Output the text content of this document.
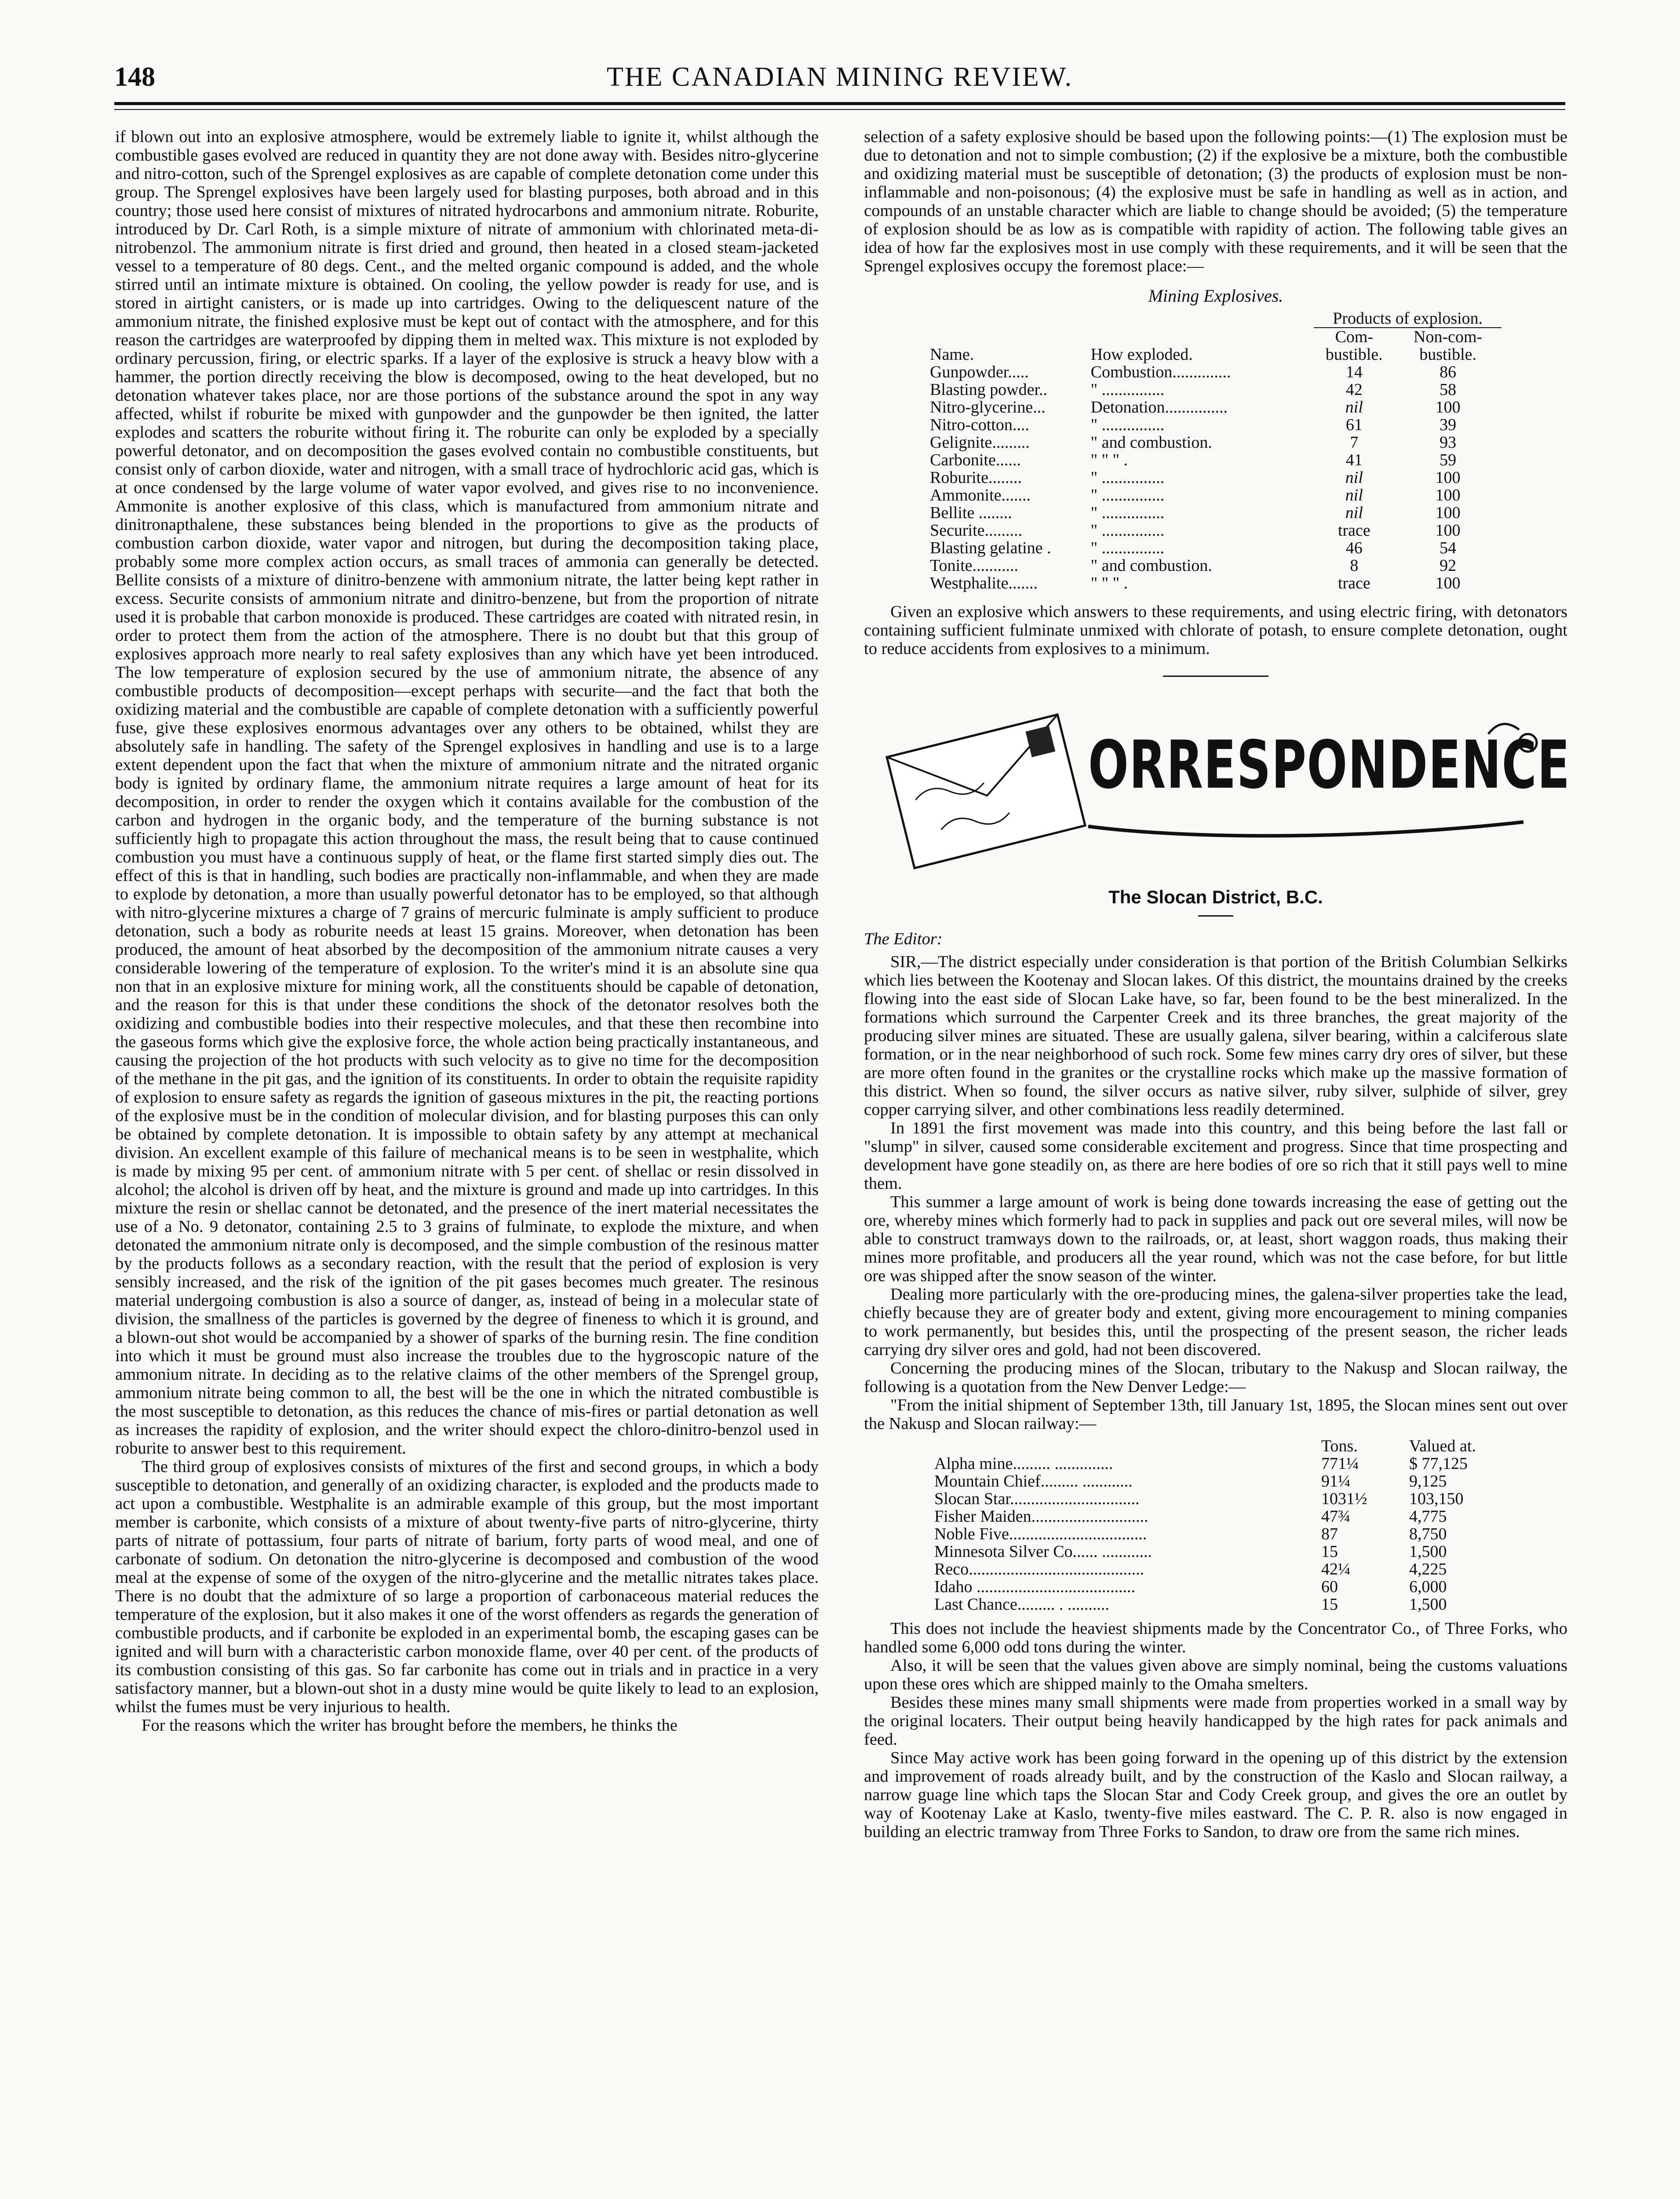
148	THE CANADIAN MINING REVIEW.

if blown out into an explosive atmosphere, would be extremely liable to ignite it, whilst although the combustible gases evolved are reduced in quantity they are not done away with. Besides nitro-glycerine and nitro-cotton, such of the Sprengel explosives as are capable of complete detonation come under this group. The Sprengel explosives have been largely used for blasting purposes, both abroad and in this country; those used here consist of mixtures of nitrated hydrocarbons and ammonium nitrate. Roburite, introduced by Dr. Carl Roth, is a simple mixture of nitrate of ammonium with chlorinated meta-di-nitrobenzol. The ammonium nitrate is first dried and ground, then heated in a closed steam-jacketed vessel to a temperature of 80 degs. Cent., and the melted organic compound is added, and the whole stirred until an intimate mixture is obtained. On cooling, the yellow powder is ready for use, and is stored in airtight canisters, or is made up into cartridges. Owing to the deliquescent nature of the ammonium nitrate, the finished explosive must be kept out of contact with the atmosphere, and for this reason the cartridges are waterproofed by dipping them in melted wax. This mixture is not exploded by ordinary percussion, firing, or electric sparks. If a layer of the explosive is struck a heavy blow with a hammer, the portion directly receiving the blow is decomposed, owing to the heat developed, but no detonation whatever takes place, nor are those portions of the substance around the spot in any way affected, whilst if roburite be mixed with gunpowder and the gunpowder be then ignited, the latter explodes and scatters the roburite without firing it. The roburite can only be exploded by a specially powerful detonator, and on decomposition the gases evolved contain no combustible constituents, but consist only of carbon dioxide, water and nitrogen, with a small trace of hydrochloric acid gas, which is at once condensed by the large volume of water vapor evolved, and gives rise to no inconvenience. Ammonite is another explosive of this class, which is manufactured from ammonium nitrate and dinitronapthalene, these substances being blended in the proportions to give as the products of combustion carbon dioxide, water vapor and nitrogen, but during the decomposition taking place, probably some more complex action occurs, as small traces of ammonia can generally be detected. Bellite consists of a mixture of dinitro-benzene with ammonium nitrate, the latter being kept rather in excess. Securite consists of ammonium nitrate and dinitro-benzene, but from the proportion of nitrate used it is probable that carbon monoxide is produced. These cartridges are coated with nitrated resin, in order to protect them from the action of the atmosphere. There is no doubt but that this group of explosives approach more nearly to real safety explosives than any which have yet been introduced. The low temperature of explosion secured by the use of ammonium nitrate, the absence of any combustible products of decomposition—except perhaps with securite—and the fact that both the oxidizing material and the combustible are capable of complete detonation with a sufficiently powerful fuse, give these explosives enormous advantages over any others to be obtained, whilst they are absolutely safe in handling. The safety of the Sprengel explosives in handling and use is to a large extent dependent upon the fact that when the mixture of ammonium nitrate and the nitrated organic body is ignited by ordinary flame, the ammonium nitrate requires a large amount of heat for its decomposition, in order to render the oxygen which it contains available for the combustion of the carbon and hydrogen in the organic body, and the temperature of the burning substance is not sufficiently high to propagate this action throughout the mass, the result being that to cause continued combustion you must have a continuous supply of heat, or the flame first started simply dies out. The effect of this is that in handling, such bodies are practically non-inflammable, and when they are made to explode by detonation, a more than usually powerful detonator has to be employed, so that although with nitro-glycerine mixtures a charge of 7 grains of mercuric fulminate is amply sufficient to produce detonation, such a body as roburite needs at least 15 grains. Moreover, when detonation has been produced, the amount of heat absorbed by the decomposition of the ammonium nitrate causes a very considerable lowering of the temperature of explosion. To the writer's mind it is an absolute sine qua non that in an explosive mixture for mining work, all the constituents should be capable of detonation, and the reason for this is that under these conditions the shock of the detonator resolves both the oxidizing and combustible bodies into their respective molecules, and that these then recombine into the gaseous forms which give the explosive force, the whole action being practically instantaneous, and causing the projection of the hot products with such velocity as to give no time for the decomposition of the methane in the pit gas, and the ignition of its constituents. In order to obtain the requisite rapidity of explosion to ensure safety as regards the ignition of gaseous mixtures in the pit, the reacting portions of the explosive must be in the condition of molecular division, and for blasting purposes this can only be obtained by complete detonation. It is impossible to obtain safety by any attempt at mechanical division. An excellent example of this failure of mechanical means is to be seen in westphalite, which is made by mixing 95 per cent. of ammonium nitrate with 5 per cent. of shellac or resin dissolved in alcohol; the alcohol is driven off by heat, and the mixture is ground and made up into cartridges. In this mixture the resin or shellac cannot be detonated, and the presence of the inert material necessitates the use of a No. 9 detonator, containing 2.5 to 3 grains of fulminate, to explode the mixture, and when detonated the ammonium nitrate only is decomposed, and the simple combustion of the resinous matter by the products follows as a secondary reaction, with the result that the period of explosion is very sensibly increased, and the risk of the ignition of the pit gases becomes much greater. The resinous material undergoing combustion is also a source of danger, as, instead of being in a molecular state of division, the smallness of the particles is governed by the degree of fineness to which it is ground, and a blown-out shot would be accompanied by a shower of sparks of the burning resin. The fine condition into which it must be ground must also increase the troubles due to the hygroscopic nature of the ammonium nitrate. In deciding as to the relative claims of the other members of the Sprengel group, ammonium nitrate being common to all, the best will be the one in which the nitrated combustible is the most susceptible to detonation, as this reduces the chance of mis-fires or partial detonation as well as increases the rapidity of explosion, and the writer should expect the chloro-dinitro-benzol used in roburite to answer best to this requirement.

The third group of explosives consists of mixtures of the first and second groups, in which a body susceptible to detonation, and generally of an oxidizing character, is exploded and the products made to act upon a combustible. Westphalite is an admirable example of this group, but the most important member is carbonite, which consists of a mixture of about twenty-five parts of nitro-glycerine, thirty parts of nitrate of pottassium, four parts of nitrate of barium, forty parts of wood meal, and one of carbonate of sodium. On detonation the nitro-glycerine is decomposed and combustion of the wood meal at the expense of some of the oxygen of the nitro-glycerine and the metallic nitrates takes place. There is no doubt that the admixture of so large a proportion of carbonaceous material reduces the temperature of the explosion, but it also makes it one of the worst offenders as regards the generation of combustible products, and if carbonite be exploded in an experimental bomb, the escaping gases can be ignited and will burn with a characteristic carbon monoxide flame, over 40 per cent. of the products of its combustion consisting of this gas. So far carbonite has come out in trials and in practice in a very satisfactory manner, but a blown-out shot in a dusty mine would be quite likely to lead to an explosion, whilst the fumes must be very injurious to health.

For the reasons which the writer has brought before the members, he thinks the

selection of a safety explosive should be based upon the following points:—(1) The explosion must be due to detonation and not to simple combustion; (2) if the explosive be a mixture, both the combustible and oxidizing material must be susceptible of detonation; (3) the products of explosion must be non-inflammable and non-poisonous; (4) the explosive must be safe in handling as well as in action, and compounds of an unstable character which are liable to change should be avoided; (5) the temperature of explosion should be as low as is compatible with rapidity of action. The following table gives an idea of how far the explosives most in use comply with these requirements, and it will be seen that the Sprengel explosives occupy the foremost place:—

Mining Explosives.
Name.	How exploded.	Products of explosion.	
		Com-bustible.	Non-com-bustible.
Gunpowder.....	Combustion..............	14	86
Blasting powder..	" ...............	42	58
Nitro-glycerine...	Detonation...............	nil	100
Nitro-cotton....	" ...............	61	39
Gelignite.........	" and combustion.	7	93
Carbonite......	" " " .	41	59
Roburite........	" ...............	nil	100
Ammonite.......	" ...............	nil	100
Bellite ........	" ...............	nil	100
Securite.........	" ...............	trace	100
Blasting gelatine .	" ...............	46	54
Tonite...........	" and combustion.	8	92
Westphalite.......	" " " .	trace	100

Given an explosive which answers to these requirements, and using electric firing, with detonators containing sufficient fulminate unmixed with chlorate of potash, to ensure complete detonation, ought to reduce accidents from explosives to a minimum.

ORRESPONDENCE
The Slocan District, B.C.
The Editor:

SIR,—The district especially under consideration is that portion of the British Columbian Selkirks which lies between the Kootenay and Slocan lakes. Of this district, the mountains drained by the creeks flowing into the east side of Slocan Lake have, so far, been found to be the best mineralized. In the formations which surround the Carpenter Creek and its three branches, the great majority of the producing silver mines are situated. These are usually galena, silver bearing, within a calciferous slate formation, or in the near neighborhood of such rock. Some few mines carry dry ores of silver, but these are more often found in the granites or the crystalline rocks which make up the massive formation of this district. When so found, the silver occurs as native silver, ruby silver, sulphide of silver, grey copper carrying silver, and other combinations less readily determined.

In 1891 the first movement was made into this country, and this being before the last fall or "slump" in silver, caused some considerable excitement and progress. Since that time prospecting and development have gone steadily on, as there are here bodies of ore so rich that it still pays well to mine them.

This summer a large amount of work is being done towards increasing the ease of getting out the ore, whereby mines which formerly had to pack in supplies and pack out ore several miles, will now be able to construct tramways down to the railroads, or, at least, short waggon roads, thus making their mines more profitable, and producers all the year round, which was not the case before, for but little ore was shipped after the snow season of the winter.

Dealing more particularly with the ore-producing mines, the galena-silver properties take the lead, chiefly because they are of greater body and extent, giving more encouragement to mining companies to work permanently, but besides this, until the prospecting of the present season, the richer leads carrying dry silver ores and gold, had not been discovered.

Concerning the producing mines of the Slocan, tributary to the Nakusp and Slocan railway, the following is a quotation from the New Denver Ledge:—

"From the initial shipment of September 13th, till January 1st, 1895, the Slocan mines sent out over the Nakusp and Slocan railway:—

	Tons.	Valued at.
Alpha mine......... ..............	771¼	$ 77,125
Mountain Chief......... ............	91¼	9,125
Slocan Star...............................	1031½	103,150
Fisher Maiden............................	47¾	4,775
Noble Five.................................	87	8,750
Minnesota Silver Co...... ............	15	1,500
Reco..........................................	42¼	4,225
Idaho ......................................	60	6,000
Last Chance......... . ..........	15	1,500

This does not include the heaviest shipments made by the Concentrator Co., of Three Forks, who handled some 6,000 odd tons during the winter.

Also, it will be seen that the values given above are simply nominal, being the customs valuations upon these ores which are shipped mainly to the Omaha smelters.

Besides these mines many small shipments were made from properties worked in a small way by the original locaters. Their output being heavily handicapped by the high rates for pack animals and feed.

Since May active work has been going forward in the opening up of this district by the extension and improvement of roads already built, and by the construction of the Kaslo and Slocan railway, a narrow guage line which taps the Slocan Star and Cody Creek group, and gives the ore an outlet by way of Kootenay Lake at Kaslo, twenty-five miles eastward. The C. P. R. also is now engaged in building an electric tramway from Three Forks to Sandon, to draw ore from the same rich mines.
